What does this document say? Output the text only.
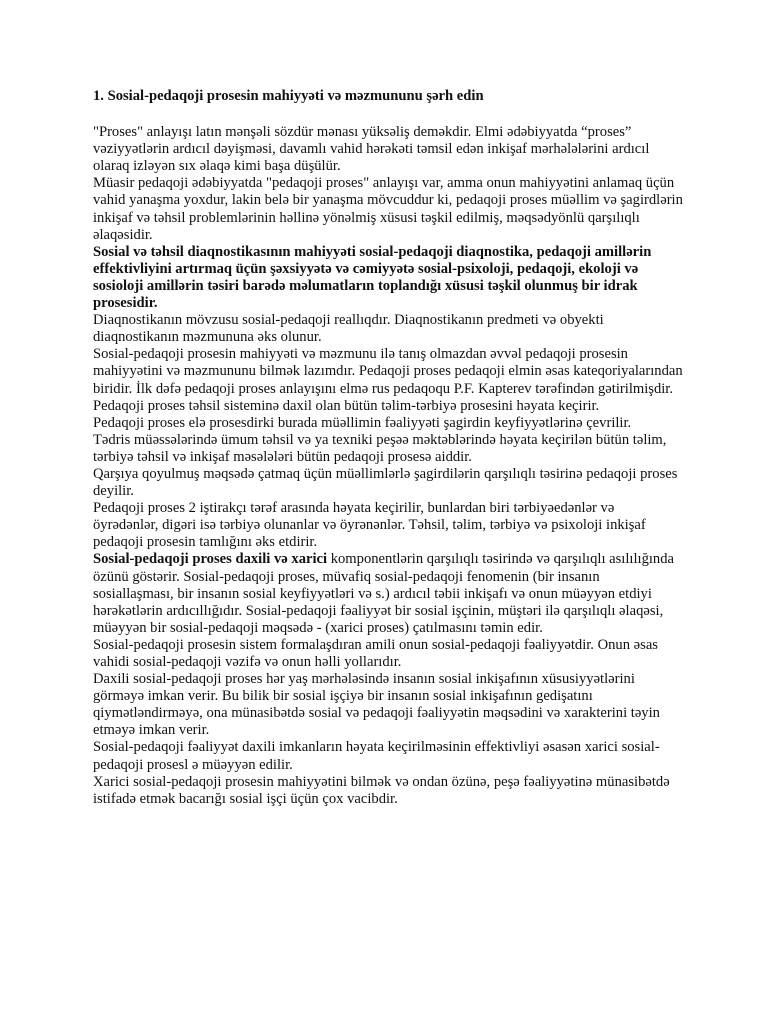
1. Sosial-pedaqoji prosesin mahiyyəti və məzmununu şərh edin

"Proses" anlayışı latın mənşəli sözdür mənası yüksəliş deməkdir. Elmi ədəbiyyatda “proses” vəziyyətlərin ardıcıl dəyişməsi, davamlı vahid hərəkəti təmsil edən inkişaf mərhələlərini ardıcıl olaraq izləyən sıx əlaqə kimi başa düşülür.

Müasir pedaqoji ədəbiyyatda "pedaqoji proses" anlayışı var, amma onun mahiyyətini anlamaq üçün vahid yanaşma yoxdur, lakin belə bir yanaşma mövcuddur ki, pedaqoji proses müəllim və şagirdlərin inkişaf və təhsil problemlərinin həllinə yönəlmiş xüsusi təşkil edilmiş, məqsədyönlü qarşılıqlı əlaqəsidir.

Sosial və təhsil diaqnostikasının mahiyyəti sosial-pedaqoji diaqnostika, pedaqoji amillərin effektivliyini artırmaq üçün şəxsiyyətə və cəmiyyətə sosial-psixoloji, pedaqoji, ekoloji və sosioloji amillərin təsiri barədə məlumatların toplandığı xüsusi təşkil olunmuş bir idrak prosesidir.

Diaqnostikanın mövzusu sosial-pedaqoji reallıqdır. Diaqnostikanın predmeti və obyekti diaqnostikanın məzmununa əks olunur.

Sosial-pedaqoji prosesin mahiyyəti və məzmunu ilə tanış olmazdan əvvəl pedaqoji prosesin mahiyyətini və məzmununu bilmək lazımdır. Pedaqoji proses pedaqoji elmin əsas kateqoriyalarından biridir. İlk dəfə pedaqoji proses anlayışını elmə rus pedaqoqu P.F. Kapterev tərəfindən gətirilmişdir.

Pedaqoji proses təhsil sisteminə daxil olan bütün təlim-tərbiyə prosesini həyata keçirir.

Pedaqoji proses elə prosesdirki burada müəllimin fəaliyyəti şagirdin keyfiyyətlərinə çevrilir.

Tədris müəssələrində ümum təhsil və ya texniki peşəə məktəblərində həyata keçirilən bütün təlim, tərbiyə təhsil və inkişaf məsələləri bütün pedaqoji prosesə aiddir.

Qarşıya qoyulmuş məqsədə çatmaq üçün müəllimlərlə şagirdilərin qarşılıqlı təsirinə pedaqoji proses deyilir.

Pedaqoji proses 2 iştirakçı tərəf arasında həyata keçirilir, bunlardan biri tərbiyəedənlər və öyrədənlər, digəri isə tərbiyə olunanlar və öyrənənlər. Təhsil, təlim, tərbiyə və psixoloji inkişaf pedaqoji prosesin tamlığını əks etdirir.

Sosial-pedaqoji proses daxili və xarici komponentlərin qarşılıqlı təsirində və qarşılıqlı asılılığında özünü göstərir. Sosial-pedaqoji proses, müvafiq sosial-pedaqoji fenomenin (bir insanın sosiallaşması, bir insanın sosial keyfiyyətləri və s.) ardıcıl təbii inkişafı və onun müəyyən etdiyi hərəkətlərin ardıcıllığıdır. Sosial-pedaqoji fəaliyyət bir sosial işçinin, müştəri ilə qarşılıqlı əlaqəsi, müəyyən bir sosial-pedaqoji məqsədə - (xarici proses) çatılmasını təmin edir.

Sosial-pedaqoji prosesin sistem formalaşdıran amili onun sosial-pedaqoji fəaliyyətdir. Onun əsas vahidi sosial-pedaqoji vəzifə və onun həlli yollarıdır.

Daxili sosial-pedaqoji proses hər yaş mərhələsində insanın sosial inkişafının xüsusiyyətlərini görməyə imkan verir. Bu bilik bir sosial işçiyə bir insanın sosial inkişafının gedişatını qiymətləndirməyə, ona münasibətdə sosial və pedaqoji fəaliyyətin məqsədini və xarakterini təyin etməyə imkan verir.

Sosial-pedaqoji fəaliyyət daxili imkanların həyata keçirilməsinin effektivliyi əsasən xarici sosial-pedaqoji prosesl ə müəyyən edilir.

Xarici sosial-pedaqoji prosesin mahiyyətini bilmək və ondan özünə, peşə fəaliyyətinə münasibətdə istifadə etmək bacarığı sosial işçi üçün çox vacibdir.
